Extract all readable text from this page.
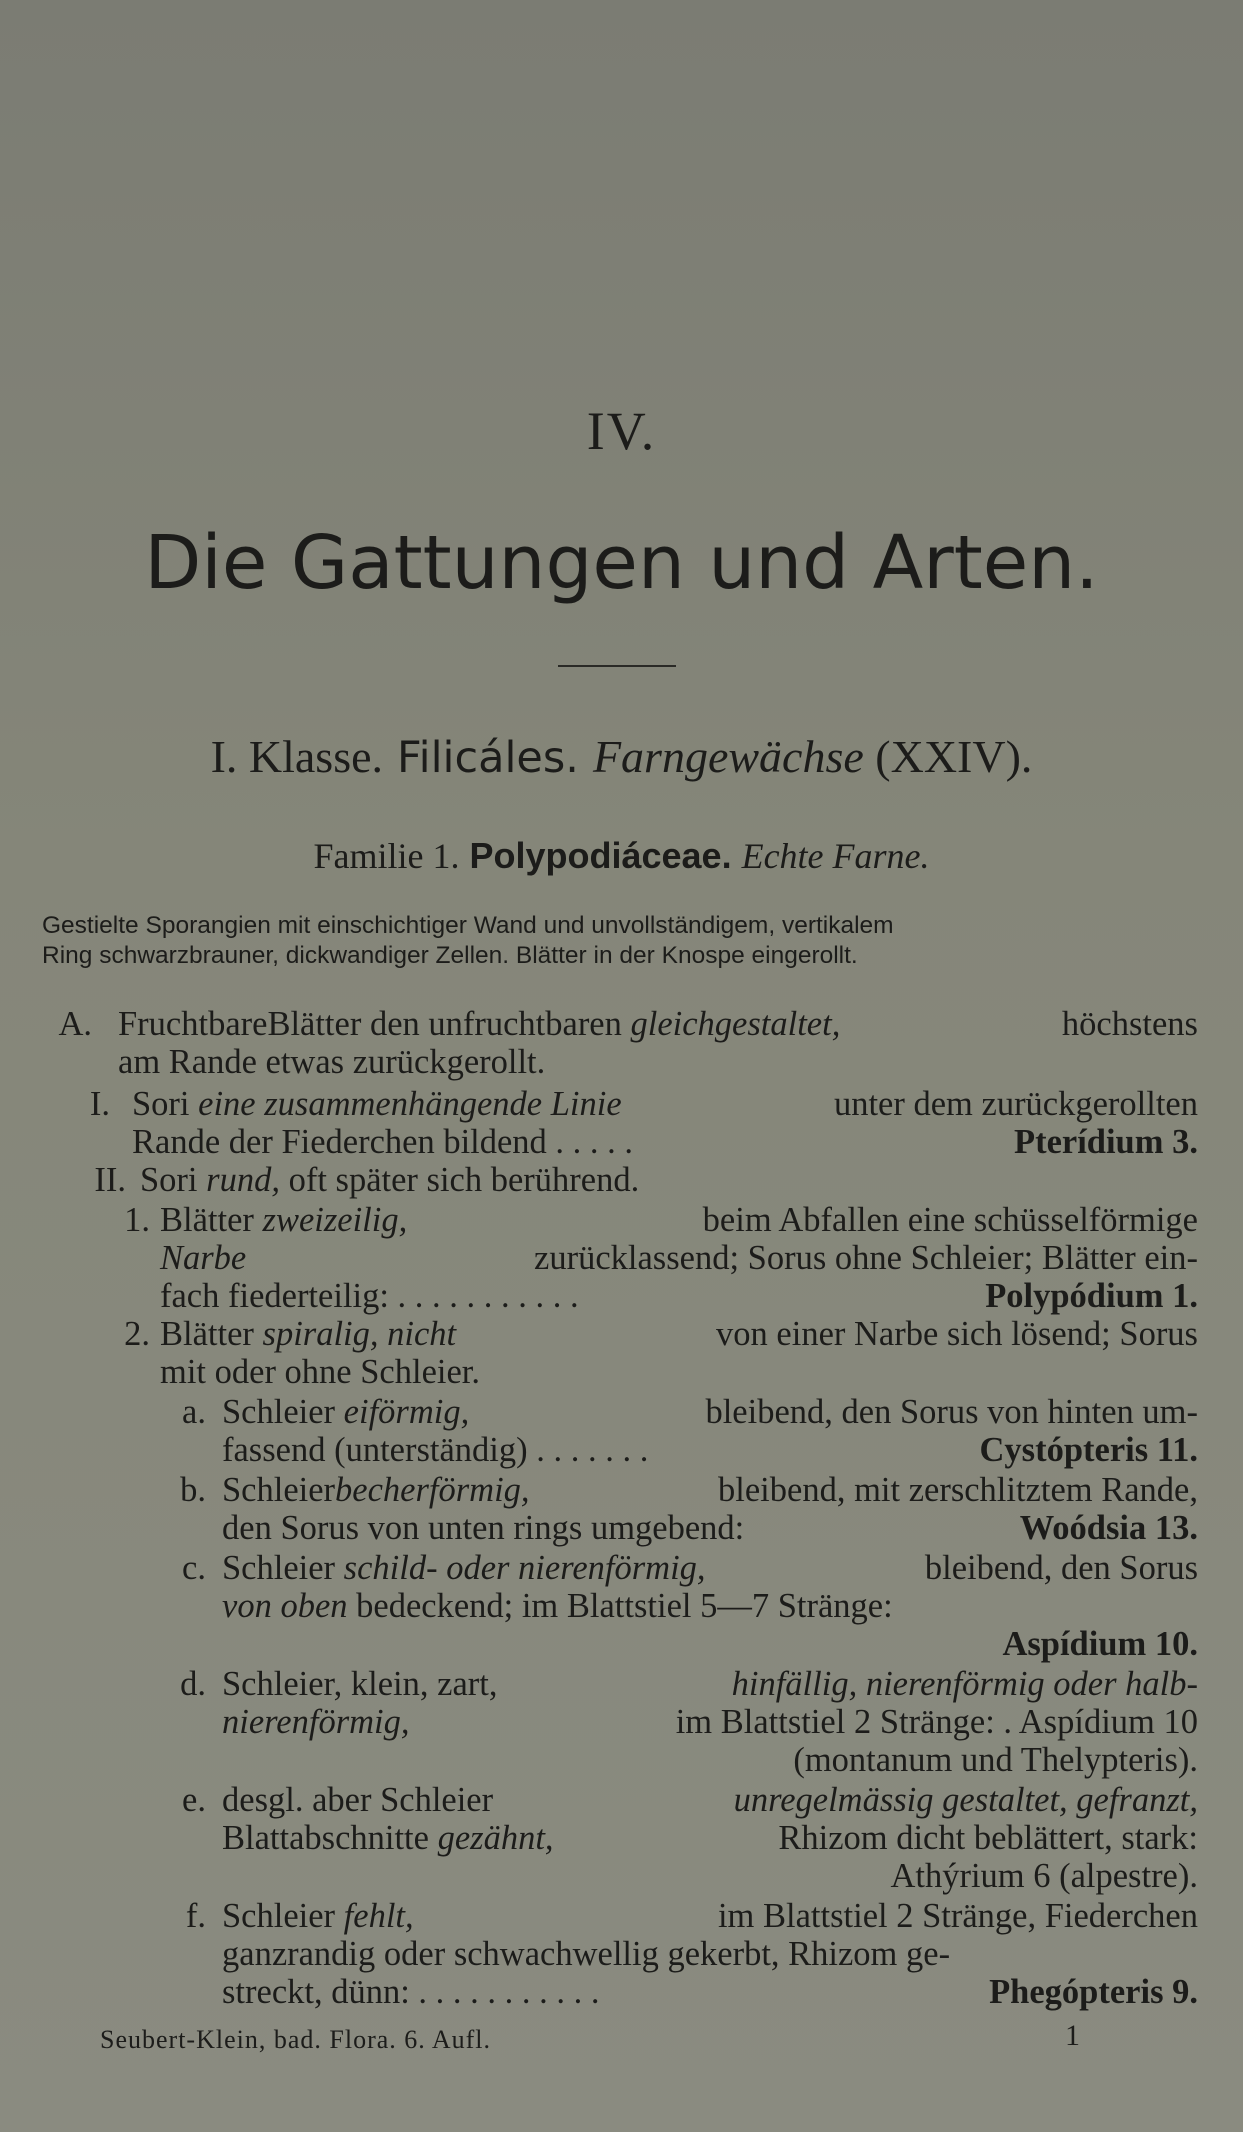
IV.
Die Gattungen und Arten.
I. Klasse. Filicáles. Farngewächse (XXIV).
Familie 1. Polypodiáceae. Echte Farne.
Gestielte Sporangien mit einschichtiger Wand und unvollständigem, vertikalem
Ring schwarzbrauner, dickwandiger Zellen. Blätter in der Knospe eingerollt.
A. FruchtbareBlätter den unfruchtbaren gleichgestaltet,	höchstens
am Rande etwas zurückgerollt.
I. Sori eine zusammenhängende Linie	unter dem zurückgerollten
Rande der Fiederchen bildend . . . . .	Pterídium 3.
II. Sori rund, oft später sich berührend.
1. Blätter zweizeilig,	beim Abfallen eine schüsselförmige
Narbe	zurücklassend; Sorus ohne Schleier; Blätter ein-
fach fiederteilig: . . . . . . . . . . .	Polypódium 1.
2. Blätter spiralig, nicht	von einer Narbe sich lösend; Sorus
mit oder ohne Schleier.
a. Schleier eiförmig,	bleibend, den Sorus von hinten um-
fassend (unterständig) . . . . . . .	Cystópteris 11.
b. Schleierbecherförmig,	bleibend, mit zerschlitztem Rande,
den Sorus von unten rings umgebend:	Woódsia 13.
c. Schleier schild- oder nierenförmig,	bleibend, den Sorus
von oben bedeckend; im Blattstiel 5—7 Stränge:
Aspídium 10.
d. Schleier, klein, zart,	hinfällig, nierenförmig oder halb-
nierenförmig,	im Blattstiel 2 Stränge: . Aspídium 10
(montanum und Thelypteris).
e. desgl. aber Schleier	unregelmässig gestaltet, gefranzt,
Blattabschnitte gezähnt,	Rhizom dicht beblättert, stark:
Athýrium 6 (alpestre).
f. Schleier fehlt,	im Blattstiel 2 Stränge, Fiederchen
ganzrandig oder schwachwellig gekerbt, Rhizom ge-
streckt, dünn: . . . . . . . . . . .	Phegópteris 9.
Seubert-Klein, bad. Flora. 6. Aufl.	1
